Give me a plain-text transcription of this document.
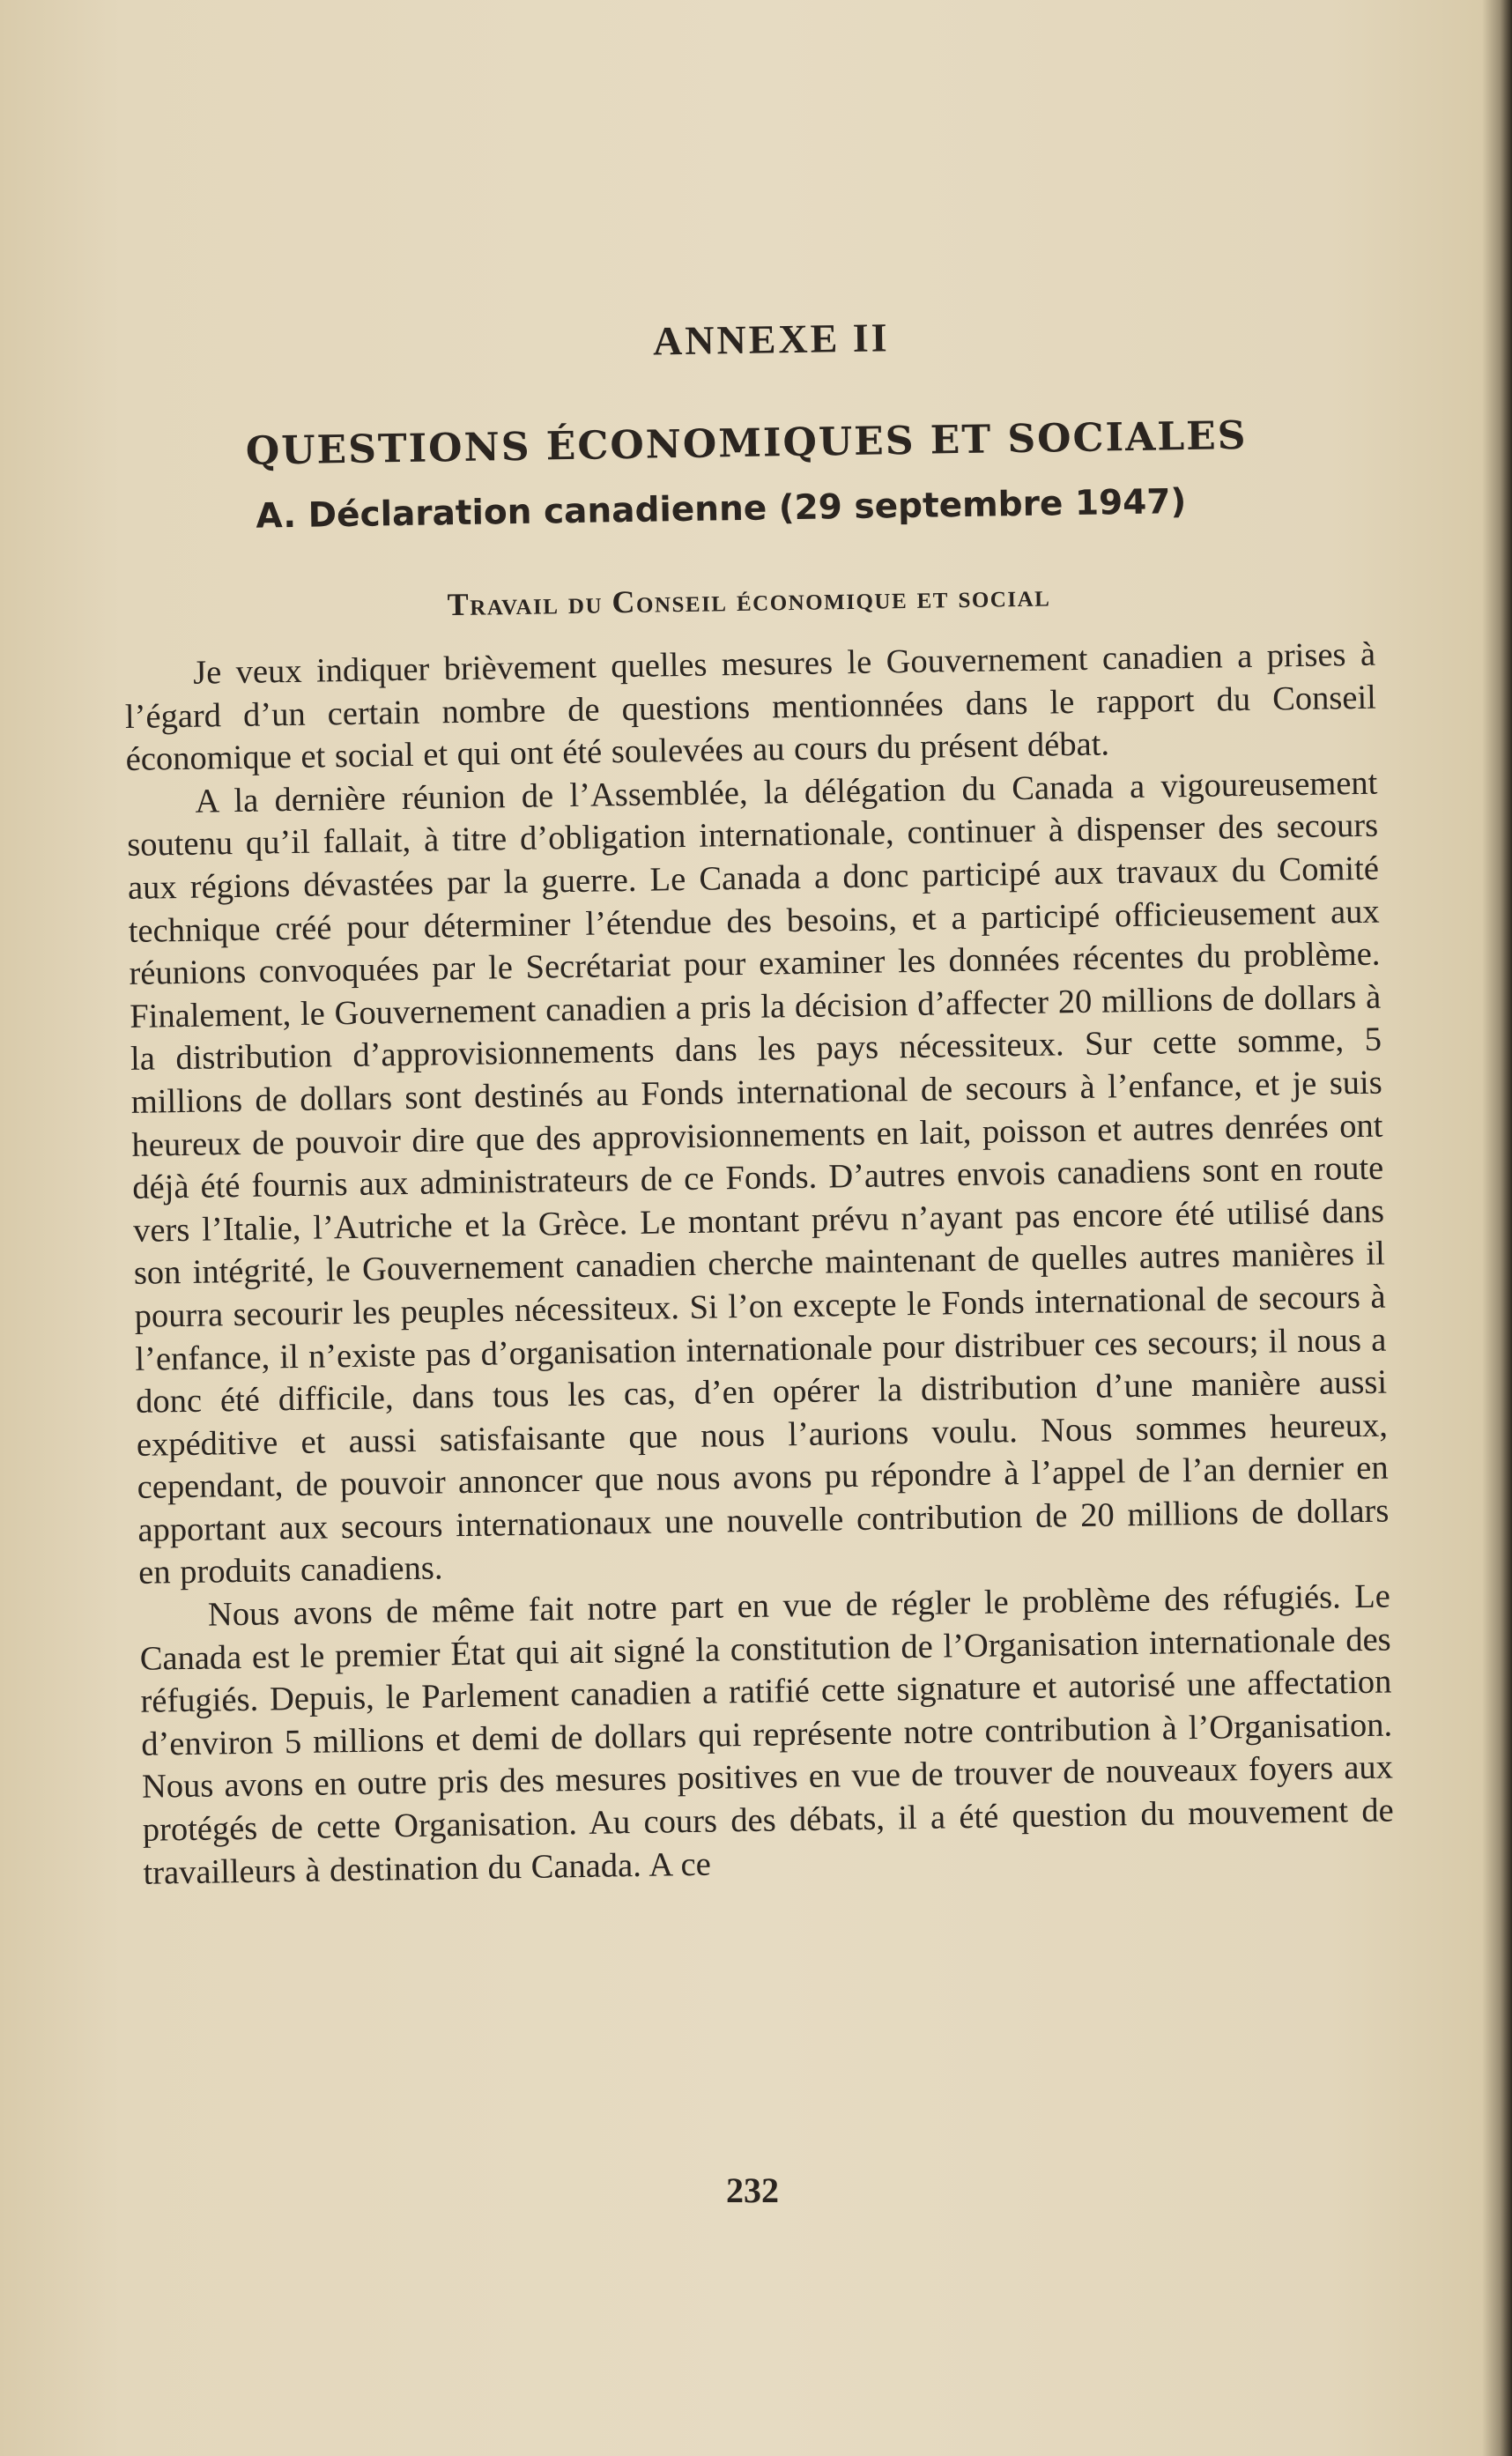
ANNEXE II
QUESTIONS ÉCONOMIQUES ET SOCIALES
A. Déclaration canadienne (29 septembre 1947)
Travail du Conseil économique et social

Je veux indiquer brièvement quelles mesures le Gouvernement canadien a prises à l’égard d’un certain nombre de questions mentionnées dans le rapport du Conseil économique et social et qui ont été soulevées au cours du présent débat.

A la dernière réunion de l’Assemblée, la délégation du Canada a vigoureusement soutenu qu’il fallait, à titre d’obligation internationale, continuer à dispenser des secours aux régions dévastées par la guerre. Le Canada a donc participé aux travaux du Comité technique créé pour déterminer l’étendue des besoins, et a participé officieusement aux réunions convoquées par le Secrétariat pour examiner les données récentes du problème. Finalement, le Gouvernement canadien a pris la décision d’affecter 20 millions de dollars à la distribution d’approvisionnements dans les pays nécessiteux. Sur cette somme, 5 millions de dollars sont destinés au Fonds international de secours à l’enfance, et je suis heureux de pouvoir dire que des approvisionnements en lait, poisson et autres denrées ont déjà été fournis aux administrateurs de ce Fonds. D’autres envois canadiens sont en route vers l’Italie, l’Autriche et la Grèce. Le montant prévu n’ayant pas encore été utilisé dans son intégrité, le Gouvernement canadien cherche maintenant de quelles autres manières il pourra secourir les peuples nécessiteux. Si l’on excepte le Fonds international de secours à l’enfance, il n’existe pas d’organisation internationale pour distribuer ces secours; il nous a donc été difficile, dans tous les cas, d’en opérer la distribution d’une manière aussi expéditive et aussi satisfaisante que nous l’aurions voulu. Nous sommes heureux, cependant, de pouvoir annoncer que nous avons pu répondre à l’appel de l’an dernier en apportant aux secours internationaux une nouvelle contribution de 20 millions de dollars en produits canadiens.

Nous avons de même fait notre part en vue de régler le problème des réfugiés. Le Canada est le premier État qui ait signé la constitution de l’Organisation internationale des réfugiés. Depuis, le Parlement canadien a ratifié cette signature et autorisé une affectation d’environ 5 millions et demi de dollars qui représente notre contribution à l’Organisation. Nous avons en outre pris des mesures positives en vue de trouver de nouveaux foyers aux protégés de cette Organisation. Au cours des débats, il a été question du mouvement de travailleurs à destination du Canada. A ce

232
